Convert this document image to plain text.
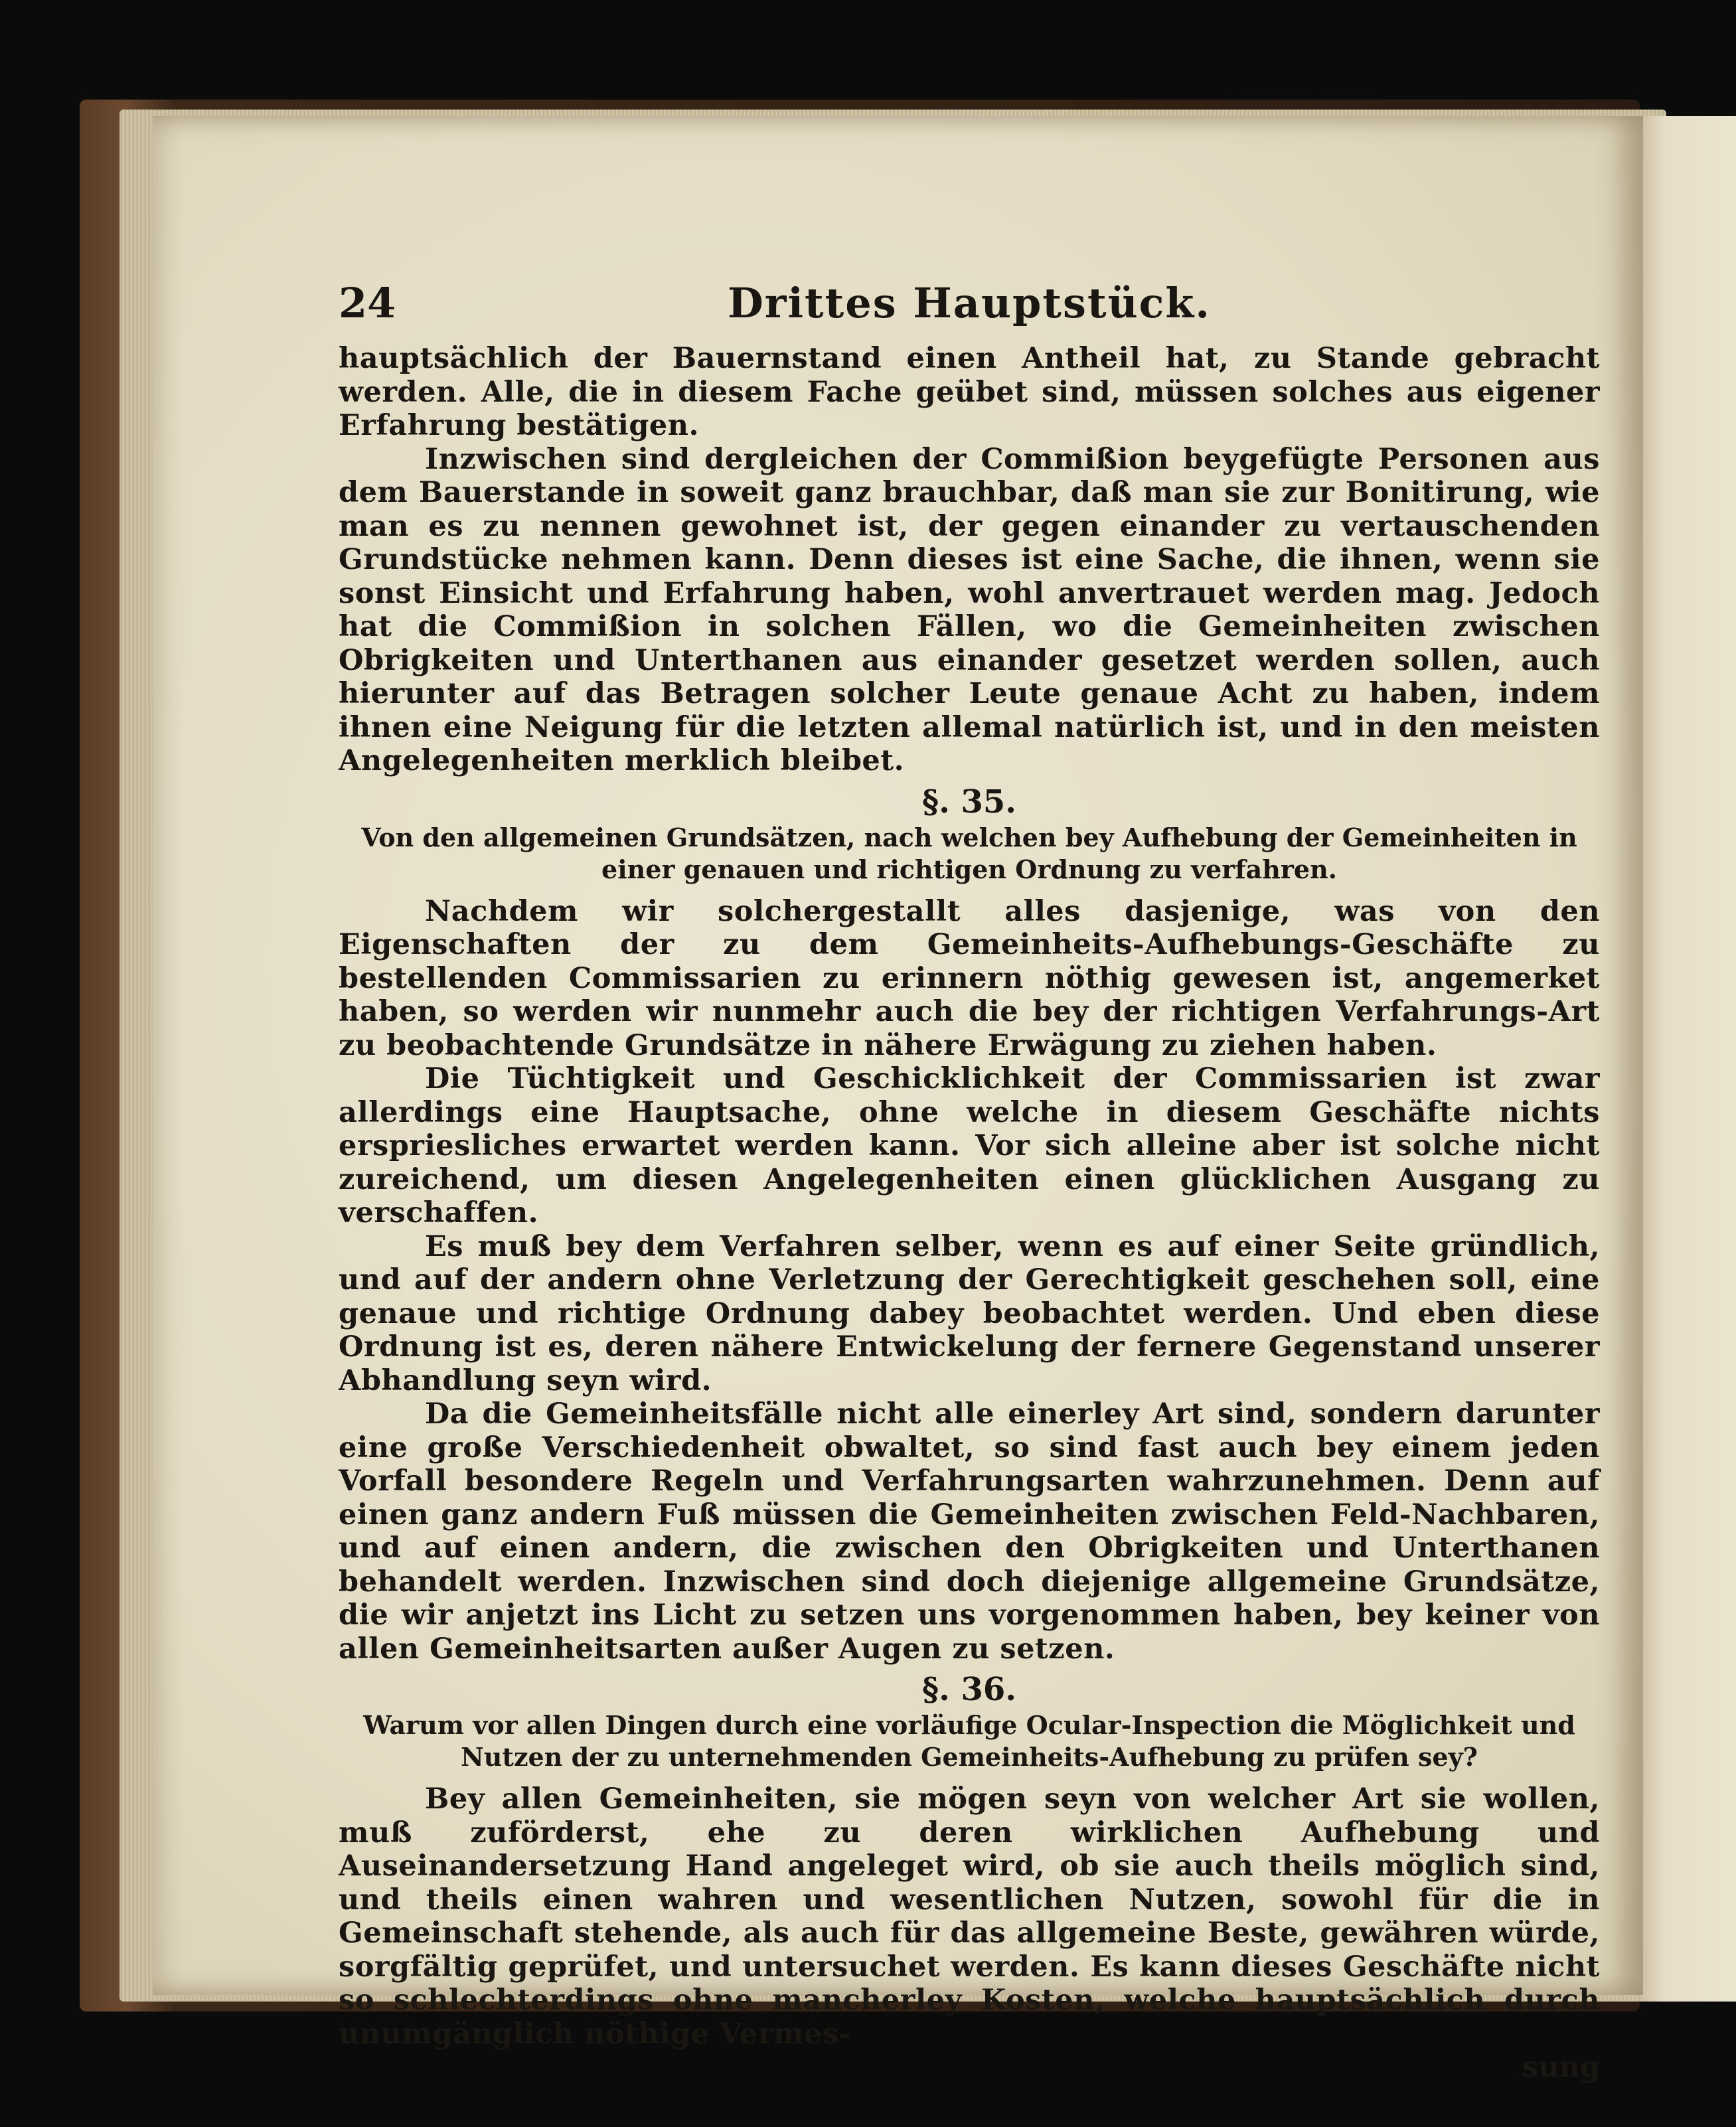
24	Drittes Hauptstück.

hauptsächlich der Bauernstand einen Antheil hat, zu Stande gebracht werden. Alle, die in diesem Fache geübet sind, müssen solches aus eigener Erfahrung bestätigen.

Inzwischen sind dergleichen der Commißion beygefügte Personen aus dem Bauerstande in soweit ganz brauchbar, daß man sie zur Bonitirung, wie man es zu nennen gewohnet ist, der gegen einander zu vertauschenden Grundstücke nehmen kann. Denn dieses ist eine Sache, die ihnen, wenn sie sonst Einsicht und Erfahrung haben, wohl anvertrauet werden mag. Jedoch hat die Commißion in solchen Fällen, wo die Gemeinheiten zwischen Obrigkeiten und Unterthanen aus einander gesetzet werden sollen, auch hierunter auf das Betragen solcher Leute genaue Acht zu haben, indem ihnen eine Neigung für die letzten allemal natürlich ist, und in den meisten Angelegenheiten merklich bleibet.

§. 35.
Von den allgemeinen Grundsätzen, nach welchen bey Aufhebung der Gemeinheiten in einer genauen und richtigen Ordnung zu verfahren.

Nachdem wir solchergestallt alles dasjenige, was von den Eigenschaften der zu dem Gemeinheits-Aufhebungs-Geschäfte zu bestellenden Commissarien zu erinnern nöthig gewesen ist, angemerket haben, so werden wir nunmehr auch die bey der richtigen Verfahrungs-Art zu beobachtende Grundsätze in nähere Erwägung zu ziehen haben.

Die Tüchtigkeit und Geschicklichkeit der Commissarien ist zwar allerdings eine Hauptsache, ohne welche in diesem Geschäfte nichts erspriesliches erwartet werden kann. Vor sich alleine aber ist solche nicht zureichend, um diesen Angelegenheiten einen glücklichen Ausgang zu verschaffen.

Es muß bey dem Verfahren selber, wenn es auf einer Seite gründlich, und auf der andern ohne Verletzung der Gerechtigkeit geschehen soll, eine genaue und richtige Ordnung dabey beobachtet werden. Und eben diese Ordnung ist es, deren nähere Entwickelung der fernere Gegenstand unserer Abhandlung seyn wird.

Da die Gemeinheitsfälle nicht alle einerley Art sind, sondern darunter eine große Verschiedenheit obwaltet, so sind fast auch bey einem jeden Vorfall besondere Regeln und Verfahrungsarten wahrzunehmen. Denn auf einen ganz andern Fuß müssen die Gemeinheiten zwischen Feld-Nachbaren, und auf einen andern, die zwischen den Obrigkeiten und Unterthanen behandelt werden. Inzwischen sind doch diejenige allgemeine Grundsätze, die wir anjetzt ins Licht zu setzen uns vorgenommen haben, bey keiner von allen Gemeinheitsarten außer Augen zu setzen.

§. 36.
Warum vor allen Dingen durch eine vorläufige Ocular-Inspection die Möglichkeit und Nutzen der zu unternehmenden Gemeinheits-Aufhebung zu prüfen sey?

Bey allen Gemeinheiten, sie mögen seyn von welcher Art sie wollen, muß zuförderst, ehe zu deren wirklichen Aufhebung und Auseinandersetzung Hand angeleget wird, ob sie auch theils möglich sind, und theils einen wahren und wesentlichen Nutzen, sowohl für die in Gemeinschaft stehende, als auch für das allgemeine Beste, gewähren würde, sorgfältig geprüfet, und untersuchet werden. Es kann dieses Geschäfte nicht so schlechterdings ohne mancherley Kosten, welche hauptsächlich durch unumgänglich nöthige Vermes-

sung
